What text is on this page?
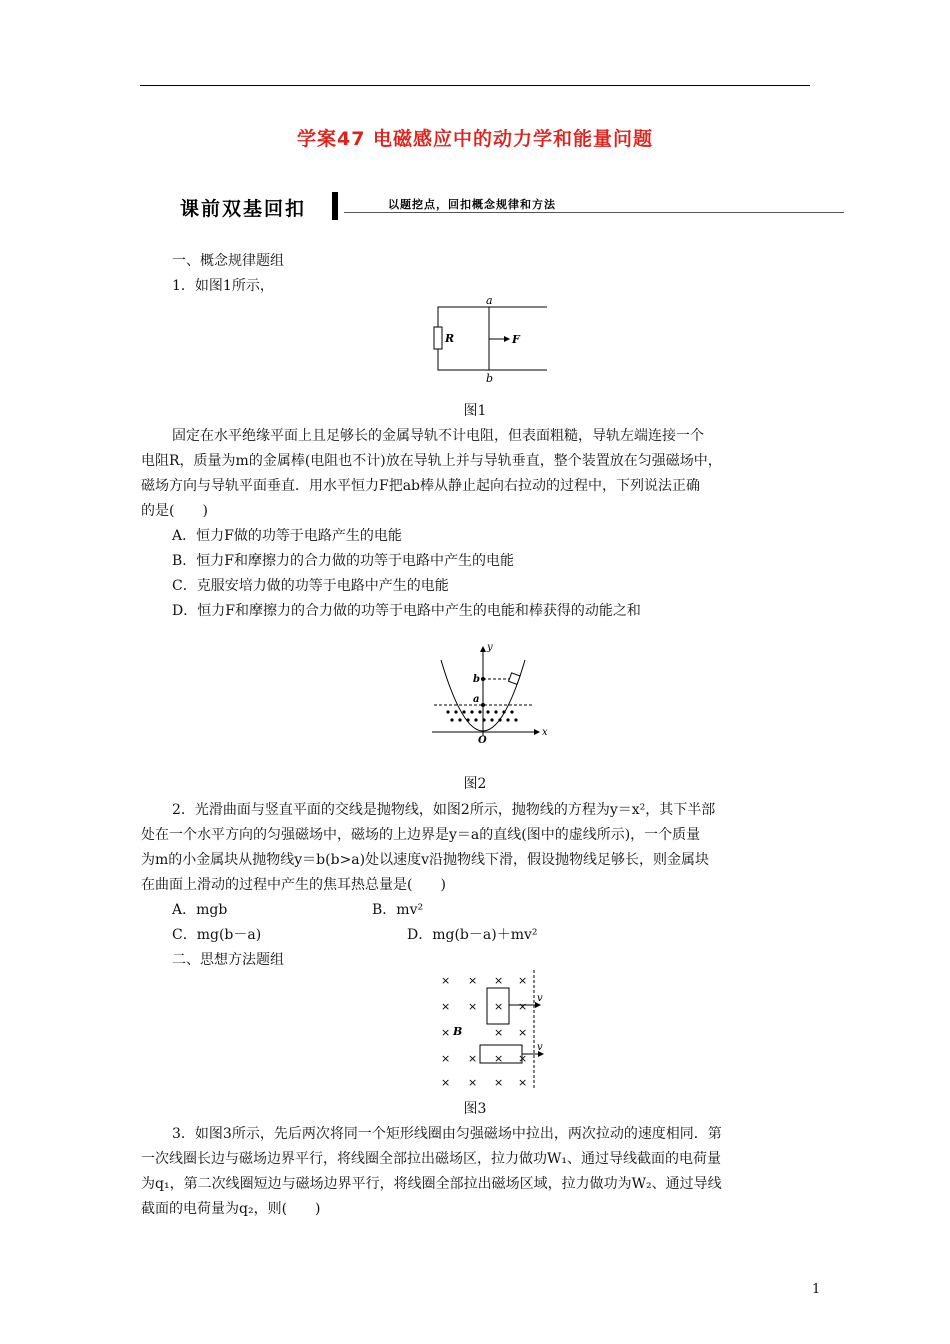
学案47 电磁感应中的动力学和能量问题
课前双基回扣	以题挖点，回扣概念规律和方法
一、概念规律题组
1．如图1所示，
a
b
R	F
图1
固定在水平绝缘平面上且足够长的金属导轨不计电阻，但表面粗糙，导轨左端连接一个
电阻R，质量为m的金属棒(电阻也不计)放在导轨上并与导轨垂直，整个装置放在匀强磁场中，
磁场方向与导轨平面垂直．用水平恒力F把ab棒从静止起向右拉动的过程中，下列说法正确
的是(　　)
A．恒力F做的功等于电路产生的电能
B．恒力F和摩擦力的合力做的功等于电路中产生的电能
C．克服安培力做的功等于电路中产生的电能
D．恒力F和摩擦力的合力做的功等于电路中产生的电能和棒获得的动能之和
y
x
O
a
b
图2
2．光滑曲面与竖直平面的交线是抛物线，如图2所示，抛物线的方程为y＝x²，其下半部
处在一个水平方向的匀强磁场中，磁场的上边界是y＝a的直线(图中的虚线所示)，一个质量
为m的小金属块从抛物线y＝b(b>a)处以速度v沿抛物线下滑，假设抛物线足够长，则金属块
在曲面上滑动的过程中产生的焦耳热总量是(　　)
A．mgb	B．mv²
C．mg(b－a)	D．mg(b－a)＋mv²
二、思想方法题组
× × × ×
× × × ×
×	× ×
× × × ×
× × × ×
v
v
B
图3
3．如图3所示，先后两次将同一个矩形线圈由匀强磁场中拉出，两次拉动的速度相同．第
一次线圈长边与磁场边界平行，将线圈全部拉出磁场区，拉力做功W₁、通过导线截面的电荷量
为q₁，第二次线圈短边与磁场边界平行，将线圈全部拉出磁场区域，拉力做功为W₂、通过导线
截面的电荷量为q₂，则(　　)
1
